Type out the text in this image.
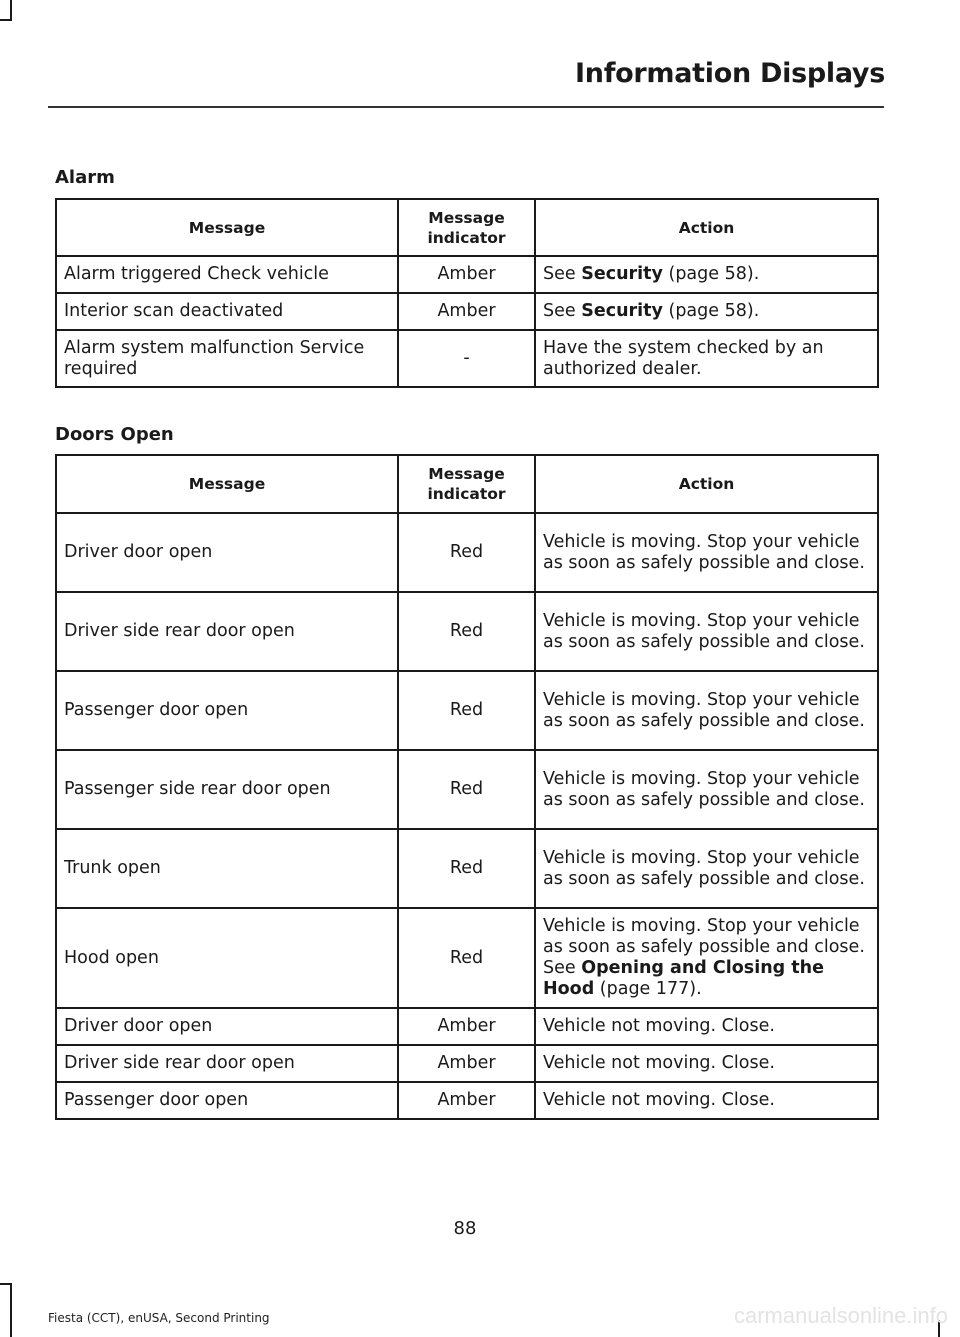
Information Displays
Alarm
Message	Message indicator	Action
Alarm triggered Check vehicle	Amber	See Security (page 58).
Interior scan deactivated	Amber	See Security (page 58).
Alarm system malfunction Service required	-	Have the system checked by an authorized dealer.
Doors Open
Message	Message indicator	Action
Driver door open	Red	Vehicle is moving. Stop your vehicle as soon as safely possible and close.
Driver side rear door open	Red	Vehicle is moving. Stop your vehicle as soon as safely possible and close.
Passenger door open	Red	Vehicle is moving. Stop your vehicle as soon as safely possible and close.
Passenger side rear door open	Red	Vehicle is moving. Stop your vehicle as soon as safely possible and close.
Trunk open	Red	Vehicle is moving. Stop your vehicle as soon as safely possible and close.
Hood open	Red	Vehicle is moving. Stop your vehicle as soon as safely possible and close. See Opening and Closing the Hood (page 177).
Driver door open	Amber	Vehicle not moving. Close.
Driver side rear door open	Amber	Vehicle not moving. Close.
Passenger door open	Amber	Vehicle not moving. Close.
88
Fiesta (CCT), enUSA, Second Printing	carmanualsonline.info
